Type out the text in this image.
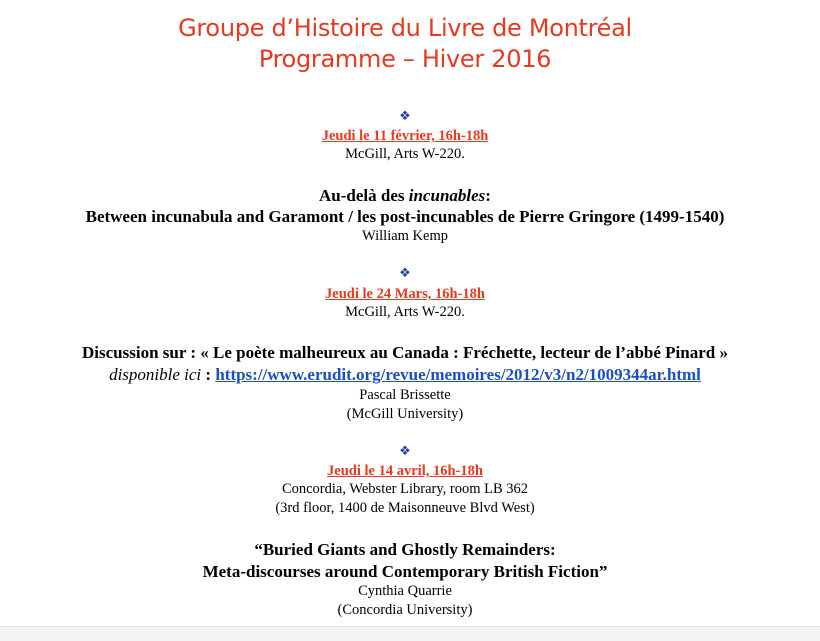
Groupe d’Histoire du Livre de Montréal
Programme – Hiver 2016
❖
Jeudi le 11 février, 16h-18h
McGill, Arts W-220.
Au-delà des incunables:
Between incunabula and Garamont / les post-incunables de Pierre Gringore (1499-1540)
William Kemp
❖
Jeudi le 24 Mars, 16h-18h
McGill, Arts W-220.
Discussion sur : « Le poète malheureux au Canada : Fréchette, lecteur de l’abbé Pinard »
disponible ici : https://www.erudit.org/revue/memoires/2012/v3/n2/1009344ar.html
Pascal Brissette
(McGill University)
❖
Jeudi le 14 avril, 16h-18h
Concordia, Webster Library, room LB 362
(3rd floor, 1400 de Maisonneuve Blvd West)
“Buried Giants and Ghostly Remainders:
Meta-discourses around Contemporary British Fiction”
Cynthia Quarrie
(Concordia University)
